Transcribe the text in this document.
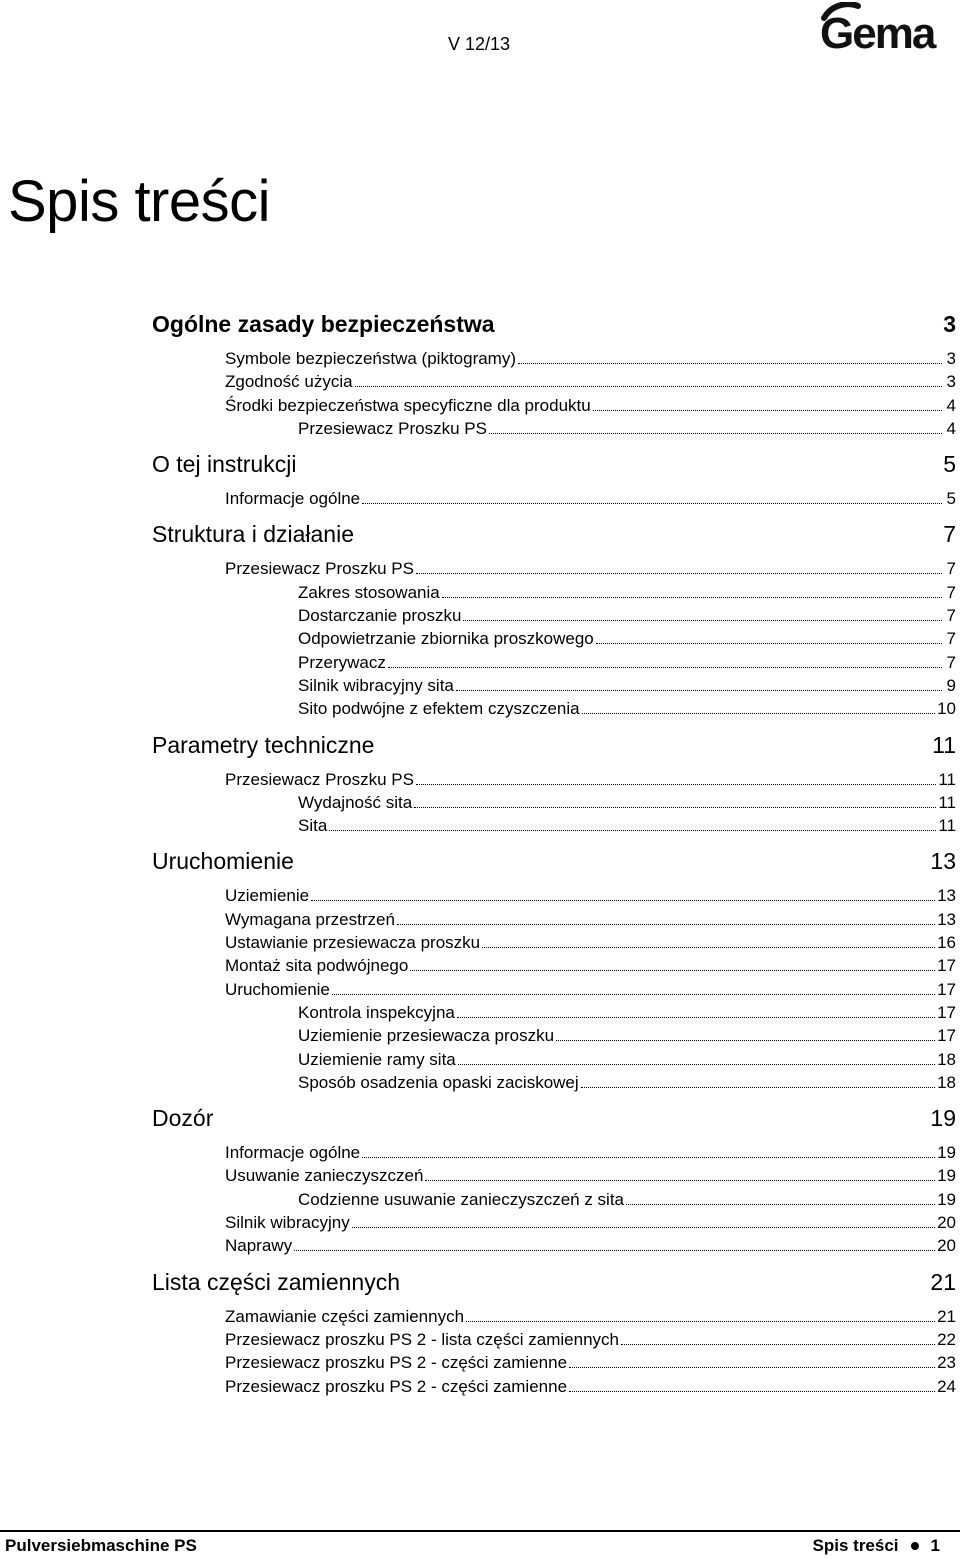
V 12/13	Gema
Spis treści
Ogólne zasady bezpieczeństwa	3
Symbole bezpieczeństwa (piktogramy)	3
Zgodność użycia	3
Środki bezpieczeństwa specyficzne dla produktu	4
Przesiewacz Proszku PS	4
O tej instrukcji	5
Informacje ogólne	5
Struktura i działanie	7
Przesiewacz Proszku PS	7
Zakres stosowania	7
Dostarczanie proszku	7
Odpowietrzanie zbiornika proszkowego	7
Przerywacz	7
Silnik wibracyjny sita	9
Sito podwójne z efektem czyszczenia	10
Parametry techniczne	11
Przesiewacz Proszku PS	11
Wydajność sita	11
Sita	11
Uruchomienie	13
Uziemienie	13
Wymagana przestrzeń	13
Ustawianie przesiewacza proszku	16
Montaż sita podwójnego	17
Uruchomienie	17
Kontrola inspekcyjna	17
Uziemienie przesiewacza proszku	17
Uziemienie ramy sita	18
Sposób osadzenia opaski zaciskowej	18
Dozór	19
Informacje ogólne	19
Usuwanie zanieczyszczeń	19
Codzienne usuwanie zanieczyszczeń z sita	19
Silnik wibracyjny	20
Naprawy	20
Lista części zamiennych	21
Zamawianie części zamiennych	21
Przesiewacz proszku PS 2 - lista części zamiennych	22
Przesiewacz proszku PS 2 - części zamienne	23
Przesiewacz proszku PS 2 - części zamienne	24
Pulversiebmaschine PS	Spis treści 1
